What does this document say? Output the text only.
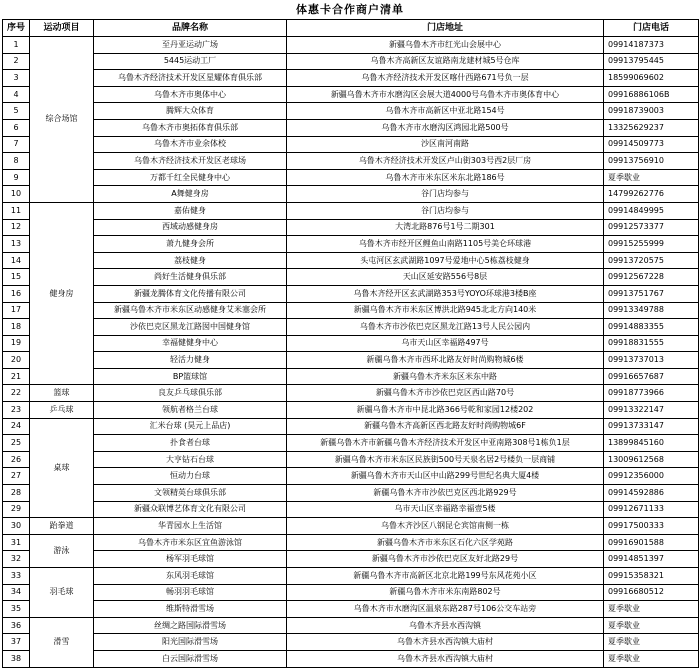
体惠卡合作商户清单
序号	运动项目	品牌名称	门店地址	门店电话
1	综合场馆	至丹亚运动广场	新疆乌鲁木齐市红光山会展中心	09914187373
2		5445运动工厂	乌鲁木齐高新区友谊路南龙建材城5号仓库	09913795445
3		乌鲁木齐经济技术开发区星耀体育俱乐部	乌鲁木齐经济技术开发区喀什西路671号负一层	18599069602
4		乌鲁木齐市奥体中心	新疆乌鲁木齐市水磨沟区会展大道4000号乌鲁木齐市奥体育中心	09916886106B
5		腾辉大众体育	乌鲁木齐市高新区中亚北路154号	09918739003
6		乌鲁木齐市奥拓体育俱乐部	乌鲁木齐市水磨沟区鸿园北路500号	13325629237
7		乌鲁木齐市业余体校	沙区南河南路	09914509773
8		乌鲁木齐经济技术开发区老球场	乌鲁木齐经济技术开发区卢山街303号西2层厂房	09913756910
9		万都千红全民健身中心	乌鲁木齐市米东区米东北路186号	夏季歇业
10		A舞健身房	谷门店均参与	14799262776
11	健身房	嘉佑健身	谷门店均参与	09914849995
12		西域动感健身房	大湾北路876号1号二期301	09912573377
13		萧九健身会所	乌鲁木齐市经开区鲤鱼山南路1105号美仑环球港	09915255999
14		荔枝健身	头屯河区玄武湖路1097号爱地中心5栋荔枝健身	09913720575
15		尚好生活健身俱乐部	天山区延安路556号8层	09912567228
16		新疆龙腾体育文化传播有限公司	乌鲁木齐经开区玄武湖路353号YOYO环球港3楼B座	09913751767
17		新疆乌鲁木齐市米东区动感健身艾米塞会所	新疆乌鲁木齐市米东区博洪北路945北北方向140米	09913349788
18		沙依巴克区黑龙江路囡中国健身馆	乌鲁木齐市沙依巴克区黑龙江路13号人民公园内	09914883355
19		幸福健健身中心	乌市天山区幸福路497号	09918831555
20		轻活力健身	新疆乌鲁木齐市西环北路友好时尚购物城6楼	09913737013
21		BP篮球馆	新疆乌鲁木齐米东区米东中路	09916657687
22	篮球	良友乒乓球俱乐部	新疆乌鲁木齐市沙依巴克区西山路70号	09918773966
23	乒乓球	领航者格兰台球	新疆乌鲁木齐市中昆北路366号乾和家园12楼202	09913322147
24	桌球	汇米台球 (昊元上品店)	新疆乌鲁木齐高新区西北路友好时尚购物城6F	09913733147
25		扑食者台球	新疆乌鲁木齐市新疆乌鲁木齐经济技术开发区中亚南路308号1栋负1层	13899845160
26		大亨钻石台球	新疆乌鲁木齐市米东区民族街500号天泉名居2号楼负一层商铺	13009612568
27		恒动力台球	新疆乌鲁木齐市天山区中山路299号世纪名典大厦4楼	09912356000
28		文领精英台球俱乐部	新疆乌鲁木齐市沙依巴克区西北路929号	09914592886
29		新疆众联博艺体育文化有限公司	乌市天山区幸福路幸福壹5楼	09912671133
30	跆拳道	华青园水上生活馆	乌鲁木齐沙区八钢昆仑宾馆南侧一栋	09917500333
31	游泳	乌鲁木齐市米东区宜鱼游泳馆	新疆乌鲁木齐市米东区石化六区学苑路	09916901588
32		杨军羽毛球馆	新疆乌鲁木齐市沙依巴克区友好北路29号	09914851397
33	羽毛球	东风羽毛球馆	新疆乌鲁木齐市高新区北京北路199号东风花苑小区	09915358321
34		畅羽羽毛球馆	新疆乌鲁木齐市米东南路802号	09916680512
35		维斯特滑雪场	乌鲁木齐市水磨沟区温泉东路287号106公交车站旁	夏季歇业
36	滑雪	丝绸之路国际滑雪场	乌鲁木齐县水西沟镇	夏季歇业
37		阳光国际滑雪场	乌鲁木齐县水西沟镇大庙村	夏季歇业
38		白云国际滑雪场	乌鲁木齐县水西沟镇大庙村	夏季歇业
